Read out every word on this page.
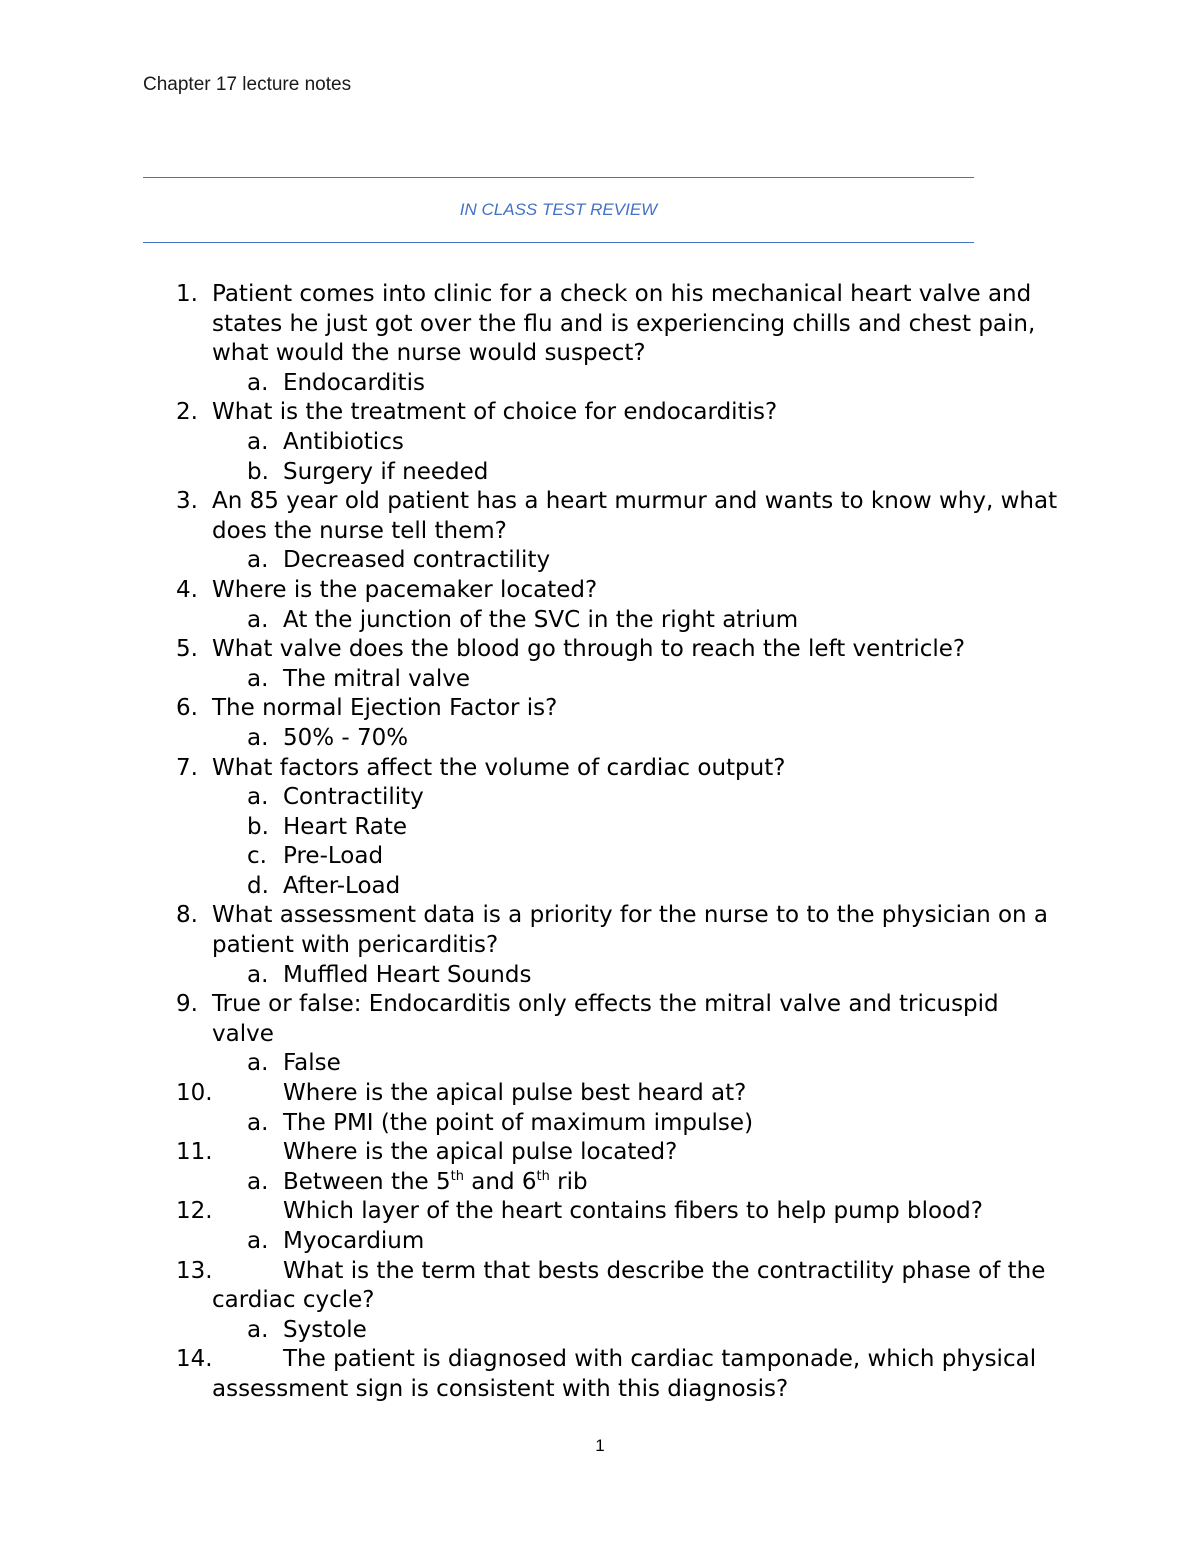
Chapter 17 lecture notes
IN CLASS TEST REVIEW
1. Patient comes into clinic for a check on his mechanical heart valve and states he just got over the flu and is experiencing chills and chest pain, what would the nurse would suspect?
a. Endocarditis
2. What is the treatment of choice for endocarditis?
a. Antibiotics
b. Surgery if needed
3. An 85 year old patient has a heart murmur and wants to know why, what does the nurse tell them?
a. Decreased contractility
4. Where is the pacemaker located?
a. At the junction of the SVC in the right atrium
5. What valve does the blood go through to reach the left ventricle?
a. The mitral valve
6. The normal Ejection Factor is?
a. 50% - 70%
7. What factors affect the volume of cardiac output?
a. Contractility
b. Heart Rate
c. Pre-Load
d. After-Load
8. What assessment data is a priority for the nurse to to the physician on a patient with pericarditis?
a. Muffled Heart Sounds
9. True or false: Endocarditis only effects the mitral valve and tricuspid valve
a. False
10.	Where is the apical pulse best heard at?
a. The PMI (the point of maximum impulse)
11.	Where is the apical pulse located?
a. Between the 5th and 6th rib
12.	Which layer of the heart contains fibers to help pump blood?
a. Myocardium
13.	What is the term that bests describe the contractility phase of the cardiac cycle?
a. Systole
14.	The patient is diagnosed with cardiac tamponade, which physical assessment sign is consistent with this diagnosis?
1
